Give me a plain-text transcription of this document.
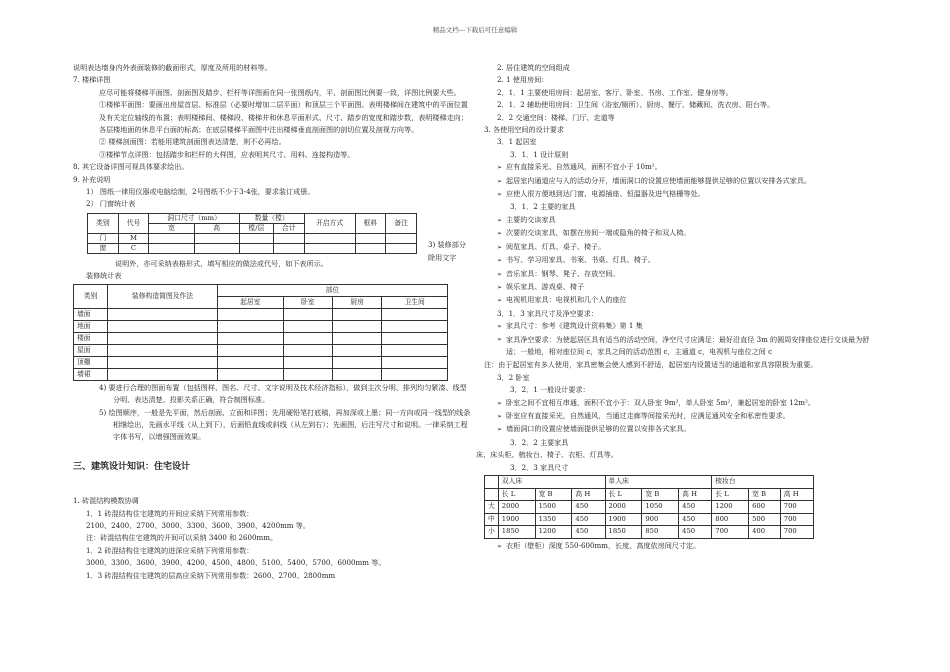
精品文档---下载后可任意编辑
说明表达墙身内外表面装修的截面形式，厚度及所用的材料等。
7. 楼梯详图
应尽可能将楼梯平面图、剖面图及踏步、栏杆等详图画在同一张图纸内，平、剖面图比例要一致，详图比例要大些。
①楼梯平面图：要画出房屋首层、标准层（必要时增加二层平面）和顶层三个平面图。表明楼梯间在建筑中的平面位置及有关定位轴线的布置；表明楼梯间、楼梯段、楼梯井和休息平面形式、尺寸、踏步的宽度和踏步数，表明楼梯走向；各层楼地面的休息平台面的标高；在底层楼梯平面图中注出楼梯垂直剖面图的剖切位置及剖视方向等。
② 楼梯剖面图：若能用建筑剖面图表达清楚，则不必再绘。
③楼梯节点详图：包括踏步和栏杆的大样图，应表明其尺寸、用料、连接构造等。
8. 其它设备详图可视具体要求绘出。
9. 补充说明
1） 图纸一律用仪器或电脑绘制，2号图纸不少于3-4张，要求装订成册。
2） 门窗统计表
类别	代号	洞口尺寸（mm）		数量（樘）		开启方式	框料	备注
		宽	高	樘/层	合计			
门	M							
窗	C							
说明外，亦可采纳表格形式，填写相应的做法或代号，如下表所示。
装修统计表
类别	装修构造简图及作法	部位			
		起居室	卧室	厨房	卫生间
墙面					
地面					
楼面					
屋面					
顶棚					
墙裙					
4) 要进行合理的图面布置（包括图样、图名、尺寸、文字说明及技术经济指标），做到主次分明、排列均匀紧凑、线型分明、表达清楚、投影关系正确，符合制图标准。
5) 绘图顺序，一般是先平面，然后剖面、立面和详图；先用硬铅笔打底稿，再加深或上墨；同一方向或同一线型的线条相继绘出，先画水平线（从上到下），后画铅直线或斜线（从左到右）；先画图，后注写尺寸和说明。一律采纳工程字体书写，以增强图面效果。
三、建筑设计知识：住宅设计
1. 砖混结构模数协调
1．1 砖混结构住宅建筑的开间应采纳下列常用参数：
2100、2400、2700、3000、3300、3600、3900、4200mm 等。
注：砖混结构住宅建筑的开间可以采纳 3400 和 2600mm。
1．2 砖混结构住宅建筑的进深应采纳下列常用参数：
3000、3300、3600、3900、4200、4500、4800、5100、5400、5700、6000mm 等。
1．3 砖混结构住宅建筑的层高应采纳下列常用参数：2600、2700、2800mm
3) 装修部分除用文字
2. 居住建筑的空间组成
2. 1 使用房间：
2．1．1 主要使用房间：起居室、客厅、卧室、书房、工作室、健身房等。
2．1．2 辅助使用房间：卫生间（浴室/厕所）、厨房、餐厅、储藏间、洗衣房、阳台等。
2．2 交通空间：楼梯、门厅、走道等
3. 各使用空间的设计要求
3．1 起居室
3．1．1 设计原则
➢ 应有直接采光、自然通风，面积不宜小于 10m²。
➢ 起居室内通道应与人的活动分开，墙面洞口的设置应使墙面能够提供足够的位置以安排各式家具。
➢ 应使人很方便地到达门窗、电源插座、恒温器及进气格栅等处。
3．1．2 主要的家具
➢ 主要的交谈家具
➢ 次要的交谈家具，如摆在房间一端或隐角的椅子和双人椅。
➢ 阅览家具、灯具、桌子、椅子。
➢ 书写、学习用家具、书案、书桌、灯具、椅子。
➢ 音乐家具：钢琴、凳子、存放空间。
➢ 娱乐家具、游戏桌、椅子
➢ 电视机用家具：电视机和几个人的座位
3．1．3 家具尺寸及净空要求：
➢ 家具尺寸：参考《建筑设计资料集》第 1 集
➢ 家具净空要求：为使起居区具有适当的活动空间，净空尺寸应满足：最好沿直径 3m 的圆周安排座位进行交谈最为舒适；一般地，相对座位间 c，家具之间的活动范围 c，主通道 c，电视机与座位之间 c
注：由于起居室有多人使用，家具密集会使人感到不舒适，起居室内设置适当的通道和家具容限极为重要。
3．2 卧室
3．2．1 一般设计要求：
➢ 卧室之间不宜相互串通，面积不宜小于：双人卧室 9m²，单人卧室 5m²，兼起居室的卧室 12m²。
➢ 卧室应有直接采光，自然通风，当通过走廊等间接采光时，应满足通风安全和私密性要求。
➢ 墙面洞口的设置应使墙面提供足够的位置以安排各式家具。
3．2．2 主要家具
床、床头柜、梳妆台、椅子、衣柜、灯具等。
3．2．3 家具尺寸
	双人床			单人床			梳妆台		
	长 L	宽 B	高 H	长 L	宽 B	高 H	长 L	宽 B	高 H
大	2000	1500	450	2000	1050	450	1200	600	700
中	1900	1350	450	1900	900	450	800	500	700
小	1850	1200	450	1850	850	450	700	400	700
➢ 衣柜（壁柜）深度 550-600mm，长度、高度依房间尺寸定。
